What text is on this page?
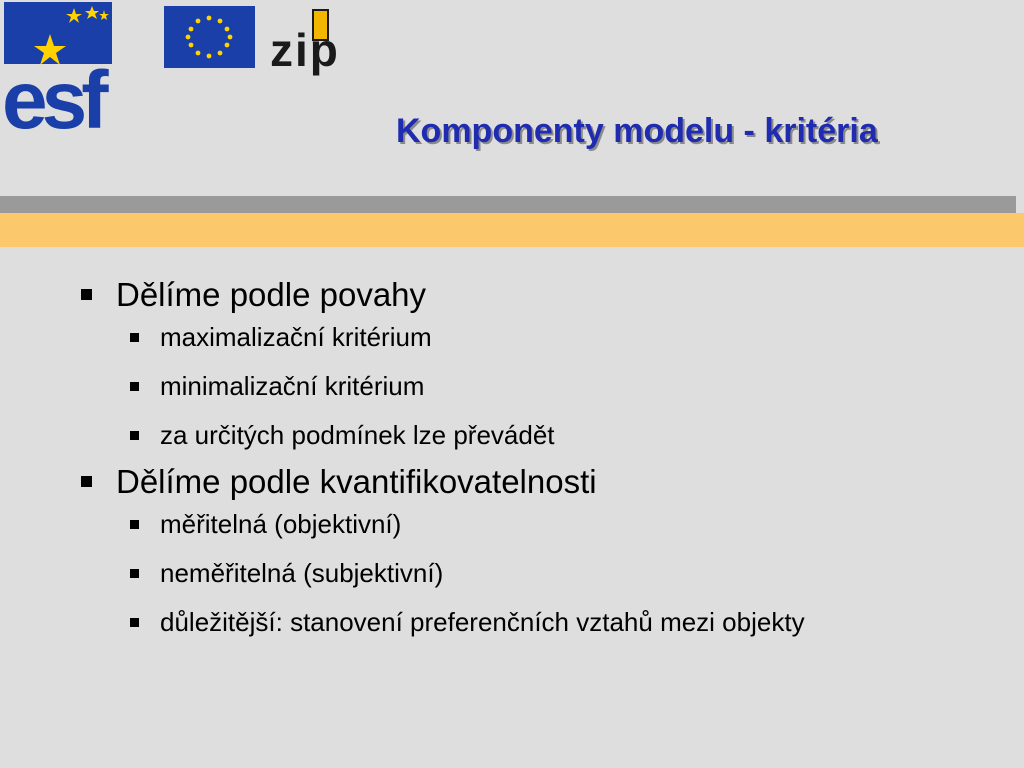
esf
zip
Komponenty modelu - kritéria
Dělíme podle povahy
maximalizační kritérium
minimalizační kritérium
za určitých podmínek lze převádět
Dělíme podle kvantifikovatelnosti
měřitelná (objektivní)
neměřitelná (subjektivní)
důležitější: stanovení preferenčních vztahů mezi objekty
